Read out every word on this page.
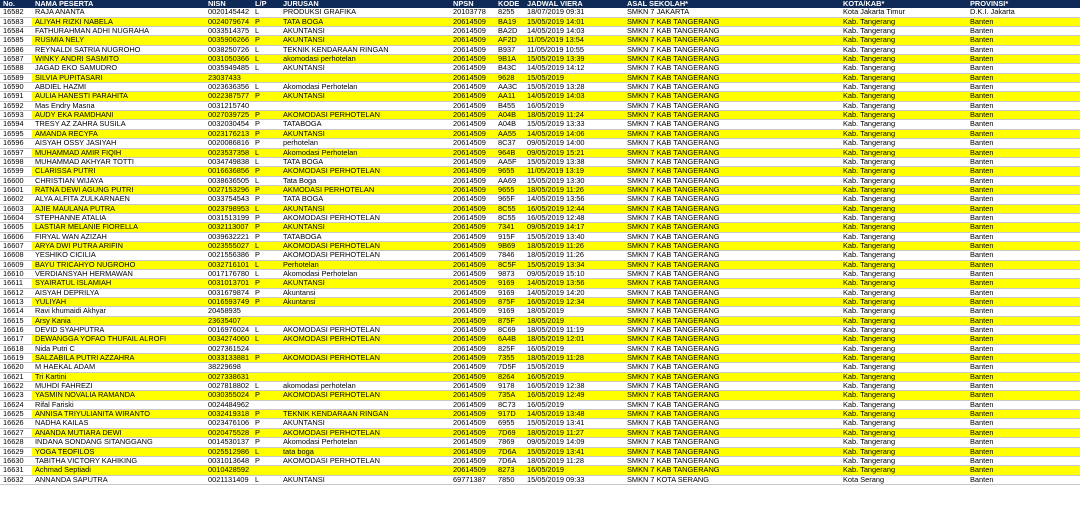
No.	NAMA PESERTA	NISN	L/P	JURUSAN	NPSN	KODE	JADWAL VIERA	ASAL SEKOLAH*	KOTA/KAB*	PROVINSI*
16582	RAJA ANANTA	0020145442	L	PRODUKSI GRAFIKA	20103778	8255	18/07/2019 09:31	SMKN 7 JAKARTA	Kota Jakarta Timur	D.K.I. Jakarta
16583	ALIYAH RIZKI NABELA	0024079674	P	TATA BOGA	20614509	BA19	15/05/2019 14:01	SMKN 7 KAB TANGERANG	Kab. Tangerang	Banten
16584	FATHURAHMAN ADHI NUGRAHA	0033514375	L	AKUNTANSI	20614509	BA2D	14/05/2019 14:03	SMKN 7 KAB TANGERANG	Kab. Tangerang	Banten
16585	RUSMIA NELY	0035906266	P	AKUNTANSI	20614509	AF2D	11/05/2019 13:54	SMKN 7 KAB TANGERANG	Kab. Tangerang	Banten
16586	REYNALDI SATRIA NUGROHO	0038250726	L	TEKNIK KENDARAAN RINGAN	20614509	B937	11/05/2019 10:55	SMKN 7 KAB TANGERANG	Kab. Tangerang	Banten
16587	WINKY ANDRI SASMITO	0031050366	L	akomodasi perhotelan	20614509	9B1A	15/05/2019 13:39	SMKN 7 KAB TANGERANG	Kab. Tangerang	Banten
16588	JAGAD EKO SAMUDRO	0035949485	L	AKUNTANSI	20614509	B43C	14/05/2019 14:12	SMKN 7 KAB TANGERANG	Kab. Tangerang	Banten
16589	SILVIA PUPITASARI	23037433			20614509	9628	15/05/2019	SMKN 7 KAB TANGERANG	Kab. Tangerang	Banten
16590	ABDIEL HAZMI	0023636356	L	Akomodasi Perhotelan	20614509	AA3C	15/05/2019 13:28	SMKN 7 KAB TANGERANG	Kab. Tangerang	Banten
16591	AULIA HANESTI PARAHITA	0022387577	P	AKUNTANSI	20614509	AA11	14/05/2019 14:03	SMKN 7 KAB TANGERANG	Kab. Tangerang	Banten
16592	Mas Endry Masna	0031215740			20614509	B455	16/05/2019	SMKN 7 KAB TANGERANG	Kab. Tangerang	Banten
16593	AUDY EKA RAMDHANI	0027039725	P	AKOMODASI PERHOTELAN	20614509	A04B	18/05/2019 11:24	SMKN 7 KAB TANGERANG	Kab. Tangerang	Banten
16594	TRESY AZ ZAHRA SUSILA	0032030454	P	TATABOGA	20614509	A04B	15/05/2019 13:33	SMKN 7 KAB TANGERANG	Kab. Tangerang	Banten
16595	AMANDA RECYFA	0023176213	P	AKUNTANSI	20614509	AA55	14/05/2019 14:06	SMKN 7 KAB TANGERANG	Kab. Tangerang	Banten
16596	AISYAH OSSY JASIYAH	0020086816	P	perhotelan	20614509	8C37	09/05/2019 14:00	SMKN 7 KAB TANGERANG	Kab. Tangerang	Banten
16597	MUHAMMAD AMIR FIQIH	0023537358	L	Akomodasi Perhotelan	20614509	964B	09/05/2019 15:21	SMKN 7 KAB TANGERANG	Kab. Tangerang	Banten
16598	MUHAMMAD AKHYAR TOTTI	0034749838	L	TATA BOGA	20614509	AA5F	15/05/2019 13:38	SMKN 7 KAB TANGERANG	Kab. Tangerang	Banten
16599	CLARISSA PUTRI	0016636856	P	AKOMODASI PERHOTELAN	20614509	9655	11/05/2019 13:19	SMKN 7 KAB TANGERANG	Kab. Tangerang	Banten
16600	CHRISTIAN WIJAYA	0038636505	L	Tata Boga	20614509	AA69	15/05/2019 13:30	SMKN 7 KAB TANGERANG	Kab. Tangerang	Banten
16601	RATNA DEWI AGUNG PUTRI	0027153296	P	AKMODASI PERHOTELAN	20614509	9655	18/05/2019 11:26	SMKN 7 KAB TANGERANG	Kab. Tangerang	Banten
16602	ALYA ALFITA ZULKARNAEN	0033754543	P	TATA BOGA	20614509	965F	14/05/2019 13:56	SMKN 7 KAB TANGERANG	Kab. Tangerang	Banten
16603	AJIE MAULANA PUTRA	0023798953	L	AKUNTANSI	20614509	8C55	16/05/2019 12:44	SMKN 7 KAB TANGERANG	Kab. Tangerang	Banten
16604	STEPHANNE ATALIA	0031513199	P	AKOMODASI PERHOTELAN	20614509	8C55	16/05/2019 12:48	SMKN 7 KAB TANGERANG	Kab. Tangerang	Banten
16605	LASTIAR MELANIE FIORELLA	0032113007	P	AKUNTANSI	20614509	7341	09/05/2019 14:17	SMKN 7 KAB TANGERANG	Kab. Tangerang	Banten
16606	FIRYAL WAN AZIZAH	0039632221	P	TATABOGA	20614509	915F	15/05/2019 13:40	SMKN 7 KAB TANGERANG	Kab. Tangerang	Banten
16607	ARYA DWI PUTRA ARIFIN	0023555027	L	AKOMODASI PERHOTELAN	20614509	9B69	18/05/2019 11:26	SMKN 7 KAB TANGERANG	Kab. Tangerang	Banten
16608	YESHIKO CICILIA	0021556386	P	AKOMODASI PERHOTELAN	20614509	7846	18/05/2019 11:26	SMKN 7 KAB TANGERANG	Kab. Tangerang	Banten
16609	BAYU TRICAHYO NUGROHO	0032716101	L	Perhotelan	20614509	8C5F	15/05/2019 13:34	SMKN 7 KAB TANGERANG	Kab. Tangerang	Banten
16610	VERDIANSYAH HERMAWAN	0017176780	L	Akomodasi Perhotelan	20614509	9873	09/05/2019 15:10	SMKN 7 KAB TANGERANG	Kab. Tangerang	Banten
16611	SYAIRATUL ISLAMIAH	0031013701	P	AKUNTANSI	20614509	9169	14/05/2019 13:56	SMKN 7 KAB TANGERANG	Kab. Tangerang	Banten
16612	AISYAH DEPRILYA	0031679874	P	Akuntansi	20614509	9169	14/05/2019 14:20	SMKN 7 KAB TANGERANG	Kab. Tangerang	Banten
16613	YULIYAH	0016593749	P	Akuntansi	20614509	875F	16/05/2019 12:34	SMKN 7 KAB TANGERANG	Kab. Tangerang	Banten
16614	Ravi khumaidi Akhyar	20458935			20614509	9169	18/05/2019	SMKN 7 KAB TANGERANG	Kab. Tangerang	Banten
16615	Arsy Kania	23635407			20614509	875F	18/05/2019	SMKN 7 KAB TANGERANG	Kab. Tangerang	Banten
16616	DEVID SYAHPUTRA	0016976024	L	AKOMODASI PERHOTELAN	20614509	8C69	18/05/2019 11:19	SMKN 7 KAB TANGERANG	Kab. Tangerang	Banten
16617	DEWANGGA YOFAO THUFAIL ALROFI	0034274060	L	AKOMODASI PERHOTELAN	20614509	6A4B	18/05/2019 12:01	SMKN 7 KAB TANGERANG	Kab. Tangerang	Banten
16618	Nida Putri C	0027361524			20614509	825F	16/05/2019	SMKN 7 KAB TANGERANG	Kab. Tangerang	Banten
16619	SALZABILA PUTRI AZZAHRA	0033133881	P	AKOMODASI PERHOTELAN	20614509	7355	18/05/2019 11:28	SMKN 7 KAB TANGERANG	Kab. Tangerang	Banten
16620	M HAEKAL ADAM	38229698			20614509	7D5F	15/05/2019	SMKN 7 KAB TANGERANG	Kab. Tangerang	Banten
16621	Tri Kartini	0027338631			20614509	8264	16/05/2019	SMKN 7 KAB TANGERANG	Kab. Tangerang	Banten
16622	MUHDI FAHREZI	0027818802	L	akomodasi perhotelan	20614509	9178	16/05/2019 12:38	SMKN 7 KAB TANGERANG	Kab. Tangerang	Banten
16623	YASMIN NOVALIA RAMANDA	0030355024	P	AKOMODASI PERHOTELAN	20614509	735A	16/05/2019 12:49	SMKN 7 KAB TANGERANG	Kab. Tangerang	Banten
16624	Rifal Fariski	0024484962			20614509	8C73	16/05/2019	SMKN 7 KAB TANGERANG	Kab. Tangerang	Banten
16625	ANNISA TRIYULIANITA WIRANTO	0032419318	P	TEKNIK KENDARAAN RINGAN	20614509	917D	14/05/2019 13:48	SMKN 7 KAB TANGERANG	Kab. Tangerang	Banten
16626	NADHA KAILAS	0023476106	P	AKUNTANSI	20614509	6955	15/05/2019 13:41	SMKN 7 KAB TANGERANG	Kab. Tangerang	Banten
16627	ANANDA MUTIARA DEWI	0020475528	P	AKOMODASI PERHOTELAN	20614509	7D69	18/05/2019 11:27	SMKN 7 KAB TANGERANG	Kab. Tangerang	Banten
16628	INDANA SONDANG SITANGGANG	0014530137	P	Akomodasi Perhotelan	20614509	7869	09/05/2019 14:09	SMKN 7 KAB TANGERANG	Kab. Tangerang	Banten
16629	YOGA TEOFILOS	0025512986	L	tata boga	20614509	7D6A	15/05/2019 13:41	SMKN 7 KAB TANGERANG	Kab. Tangerang	Banten
16630	TABITHA VICTORY KAHIKING	0031013648	P	AKOMODASI PERHOTELAN	20614509	7D6A	18/05/2019 11:28	SMKN 7 KAB TANGERANG	Kab. Tangerang	Banten
16631	Achmad Septiadi	0010428592			20614509	8273	16/05/2019	SMKN 7 KAB TANGERANG	Kab. Tangerang	Banten
16632	ANNANDA SAPUTRA	0021131409	L	AKUNTANSI	69771387	7850	15/05/2019 09:33	SMKN 7 KOTA SERANG	Kota Serang	Banten
